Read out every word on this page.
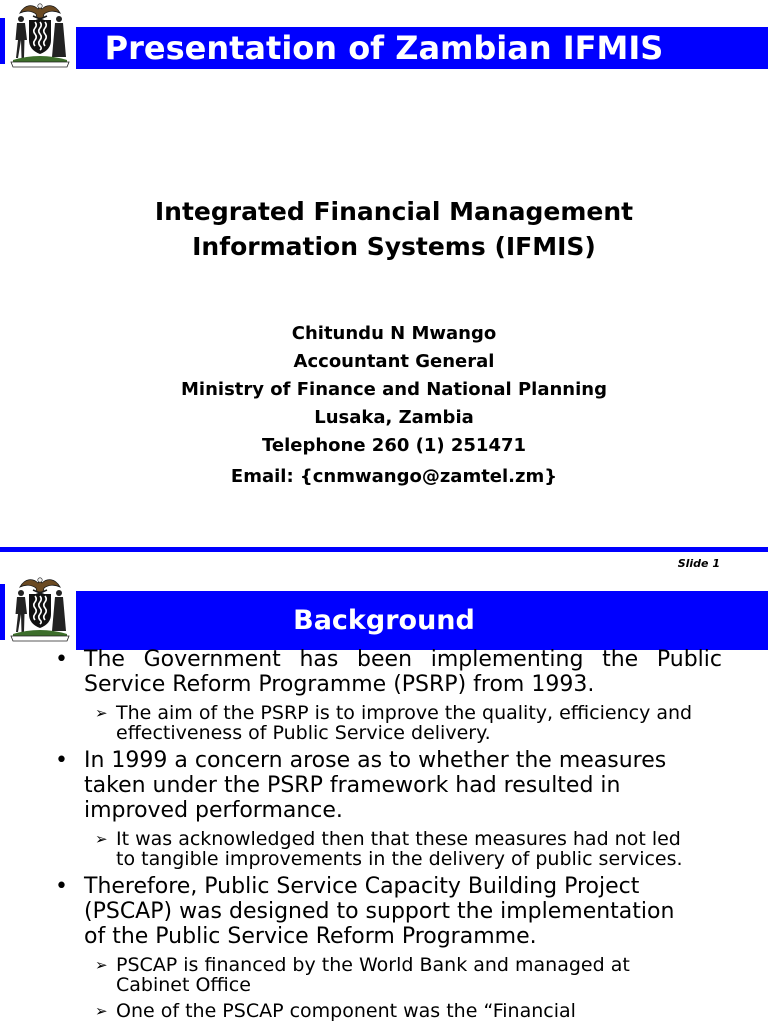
Presentation of Zambian IFMIS
Integrated Financial Management
Information Systems (IFMIS)
Chitundu N Mwango
Accountant General
Ministry of Finance and National Planning
Lusaka, Zambia
Telephone 260 (1) 251471
Email: {cnmwango@zamtel.zm}
Slide 1
Background
• The Government has been implementing the Public
Service Reform Programme (PSRP) from 1993.
➢ The aim of the PSRP is to improve the quality, efficiency and
effectiveness of Public Service delivery.
• In 1999 a concern arose as to whether the measures
taken under the PSRP framework had resulted in
improved performance.
➢ It was acknowledged then that these measures had not led
to tangible improvements in the delivery of public services.
• Therefore, Public Service Capacity Building Project
(PSCAP) was designed to support the implementation
of the Public Service Reform Programme.
➢ PSCAP is financed by the World Bank and managed at
Cabinet Office
➢ One of the PSCAP component was the “Financial
